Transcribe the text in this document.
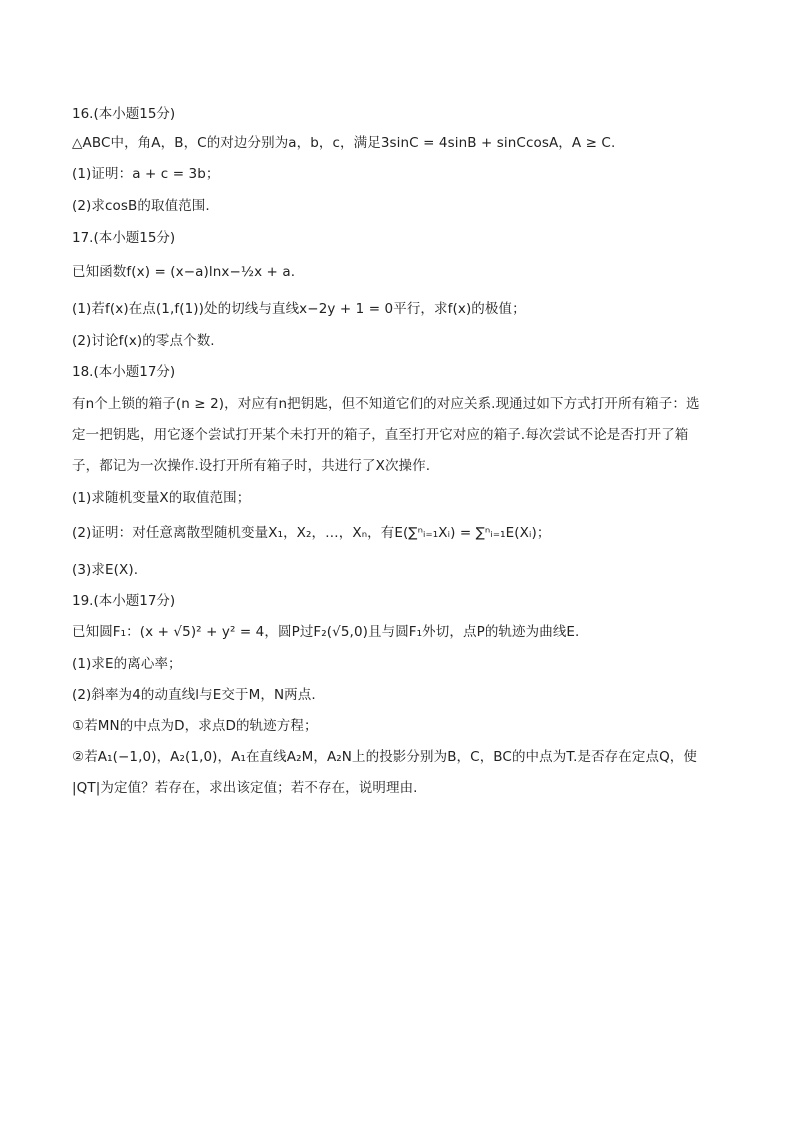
16.(本小题15分)
△ABC中，角A，B，C的对边分别为a，b，c，满足3sinC = 4sinB + sinCcosA，A ≥ C.
(1)证明：a + c = 3b；
(2)求cosB的取值范围.
17.(本小题15分)
已知函数f(x) = (x−a)lnx−½x + a.
(1)若f(x)在点(1,f(1))处的切线与直线x−2y + 1 = 0平行，求f(x)的极值；
(2)讨论f(x)的零点个数.
18.(本小题17分)
有n个上锁的箱子(n ≥ 2)，对应有n把钥匙，但不知道它们的对应关系.现通过如下方式打开所有箱子：选
定一把钥匙，用它逐个尝试打开某个未打开的箱子，直至打开它对应的箱子.每次尝试不论是否打开了箱
子，都记为一次操作.设打开所有箱子时，共进行了X次操作.
(1)求随机变量X的取值范围；
(2)证明：对任意离散型随机变量X₁，X₂，…，Xₙ，有E(∑ⁿᵢ₌₁Xᵢ) = ∑ⁿᵢ₌₁E(Xᵢ)；
(3)求E(X).
19.(本小题17分)
已知圆F₁：(x + √5)² + y² = 4，圆P过F₂(√5,0)且与圆F₁外切，点P的轨迹为曲线E.
(1)求E的离心率；
(2)斜率为4的动直线l与E交于M，N两点.
①若MN的中点为D，求点D的轨迹方程；
②若A₁(−1,0)，A₂(1,0)，A₁在直线A₂M，A₂N上的投影分别为B，C，BC的中点为T.是否存在定点Q，使
|QT|为定值？若存在，求出该定值；若不存在，说明理由.
